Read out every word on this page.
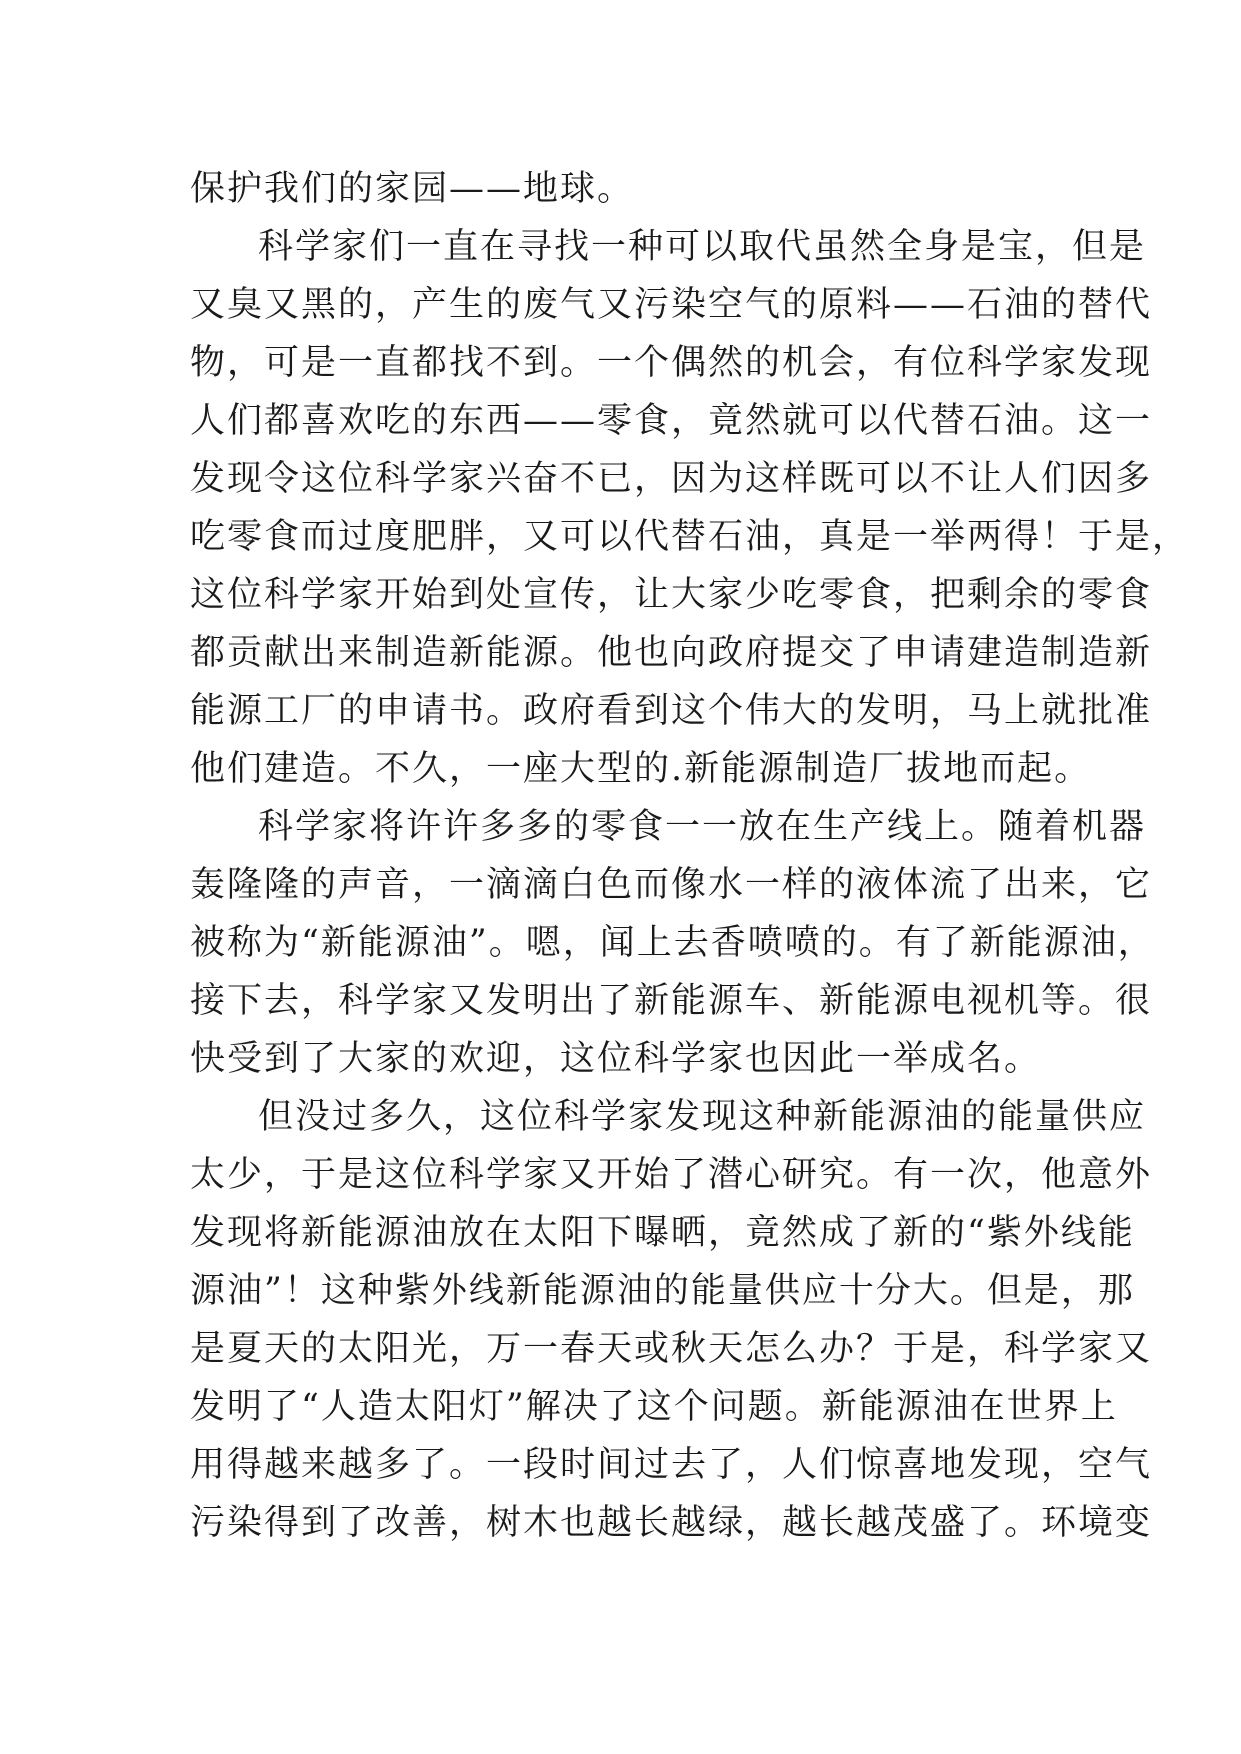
保护我们的家园——地球。
科学家们一直在寻找一种可以取代虽然全身是宝，但是
又臭又黑的，产生的废气又污染空气的原料——石油的替代
物，可是一直都找不到。一个偶然的机会，有位科学家发现
人们都喜欢吃的东西——零食，竟然就可以代替石油。这一
发现令这位科学家兴奋不已，因为这样既可以不让人们因多
吃零食而过度肥胖，又可以代替石油，真是一举两得！于是，
这位科学家开始到处宣传，让大家少吃零食，把剩余的零食
都贡献出来制造新能源。他也向政府提交了申请建造制造新
能源工厂的申请书。政府看到这个伟大的发明，马上就批准
他们建造。不久，一座大型的.新能源制造厂拔地而起。
科学家将许许多多的零食一一放在生产线上。随着机器
轰隆隆的声音，一滴滴白色而像水一样的液体流了出来，它
被称为“新能源油”。嗯，闻上去香喷喷的。有了新能源油，
接下去，科学家又发明出了新能源车、新能源电视机等。很
快受到了大家的欢迎，这位科学家也因此一举成名。
但没过多久，这位科学家发现这种新能源油的能量供应
太少，于是这位科学家又开始了潜心研究。有一次，他意外
发现将新能源油放在太阳下曝晒，竟然成了新的“紫外线能
源油”！这种紫外线新能源油的能量供应十分大。但是，那
是夏天的太阳光，万一春天或秋天怎么办？于是，科学家又
发明了“人造太阳灯”解决了这个问题。新能源油在世界上
用得越来越多了。一段时间过去了，人们惊喜地发现，空气
污染得到了改善，树木也越长越绿，越长越茂盛了。环境变
